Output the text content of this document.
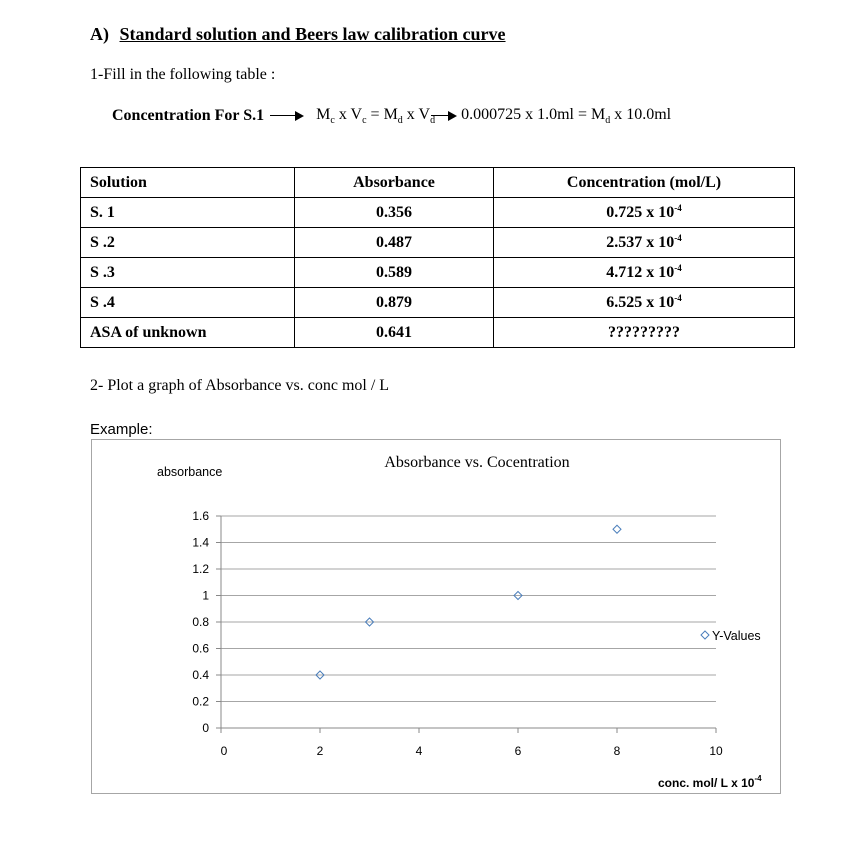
A) Standard solution and Beers law calibration curve
1-Fill in the following table :
Concentration For S.1	$M_c$ x $V_c = M_d$ x $V_d$ 0.000725 x $1.0ml = M_d$ x 10.0ml
Solution	Absorbance	Concentration (mol/L)
S. 1	0.356	0.725 x $10^{-4}$
S .2	0.487	2.537 x $10^{-4}$
S .3	0.589	4.712 x $10^{-4}$
S .4	0.879	6.525 x $10^{-4}$
ASA of unknown	0.641	?????????
2- Plot a graph of Absorbance vs. conc mol / L
Example:
Absorbance vs. Cocentration
absorbance
conc. mol/ L x $10^{-4}$
0
0.2
0.4
0.6
0.8
1
1.2
1.4
1.6
0	2	4	6	8	10
Y-Values
